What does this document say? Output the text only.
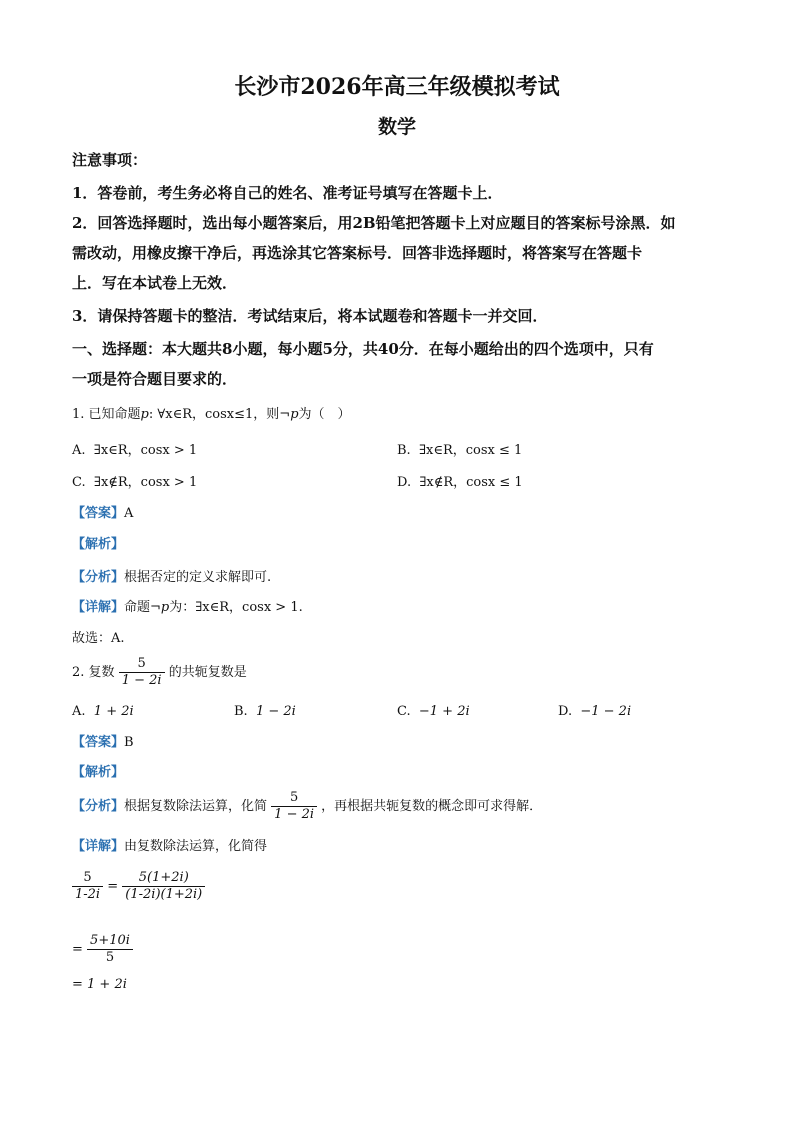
长沙市2026年高三年级模拟考试
数学
注意事项：
1．答卷前，考生务必将自己的姓名、准考证号填写在答题卡上．
2．回答选择题时，选出每小题答案后，用2B铅笔把答题卡上对应题目的答案标号涂黑．如
需改动，用橡皮擦干净后，再选涂其它答案标号．回答非选择题时，将答案写在答题卡
上．写在本试卷上无效．
3．请保持答题卡的整洁．考试结束后，将本试题卷和答题卡一并交回．
一、选择题：本大题共8小题，每小题5分，共40分．在每小题给出的四个选项中，只有
一项是符合题目要求的．
1. 已知命题p: ∀x∈R，cosx≤1，则¬p为（　）
A. ∃x∈R，cosx > 1	B. ∃x∈R，cosx ≤ 1
C. ∃x∉R，cosx > 1	D. ∃x∉R，cosx ≤ 1
【答案】A
【解析】
【分析】根据否定的定义求解即可.
【详解】命题¬p为：∃x∈R，cosx > 1.
故选：A.
2. 复数 $\frac{5}{1 - 2i}$ 的共轭复数是
A. 1 + 2i	B. 1 − 2i	C. −1 + 2i	D. −1 − 2i
【答案】B
【解析】
【分析】根据复数除法运算，化简 $\frac{5}{1 - 2i}$ ，再根据共轭复数的概念即可求得解．
【详解】由复数除法运算，化简得
$\frac{5}{1-2i} = \frac{5(1+2i)}{(1-2i)(1+2i)}$
= $\frac{5+10i}{5}$
= 1 + 2i
